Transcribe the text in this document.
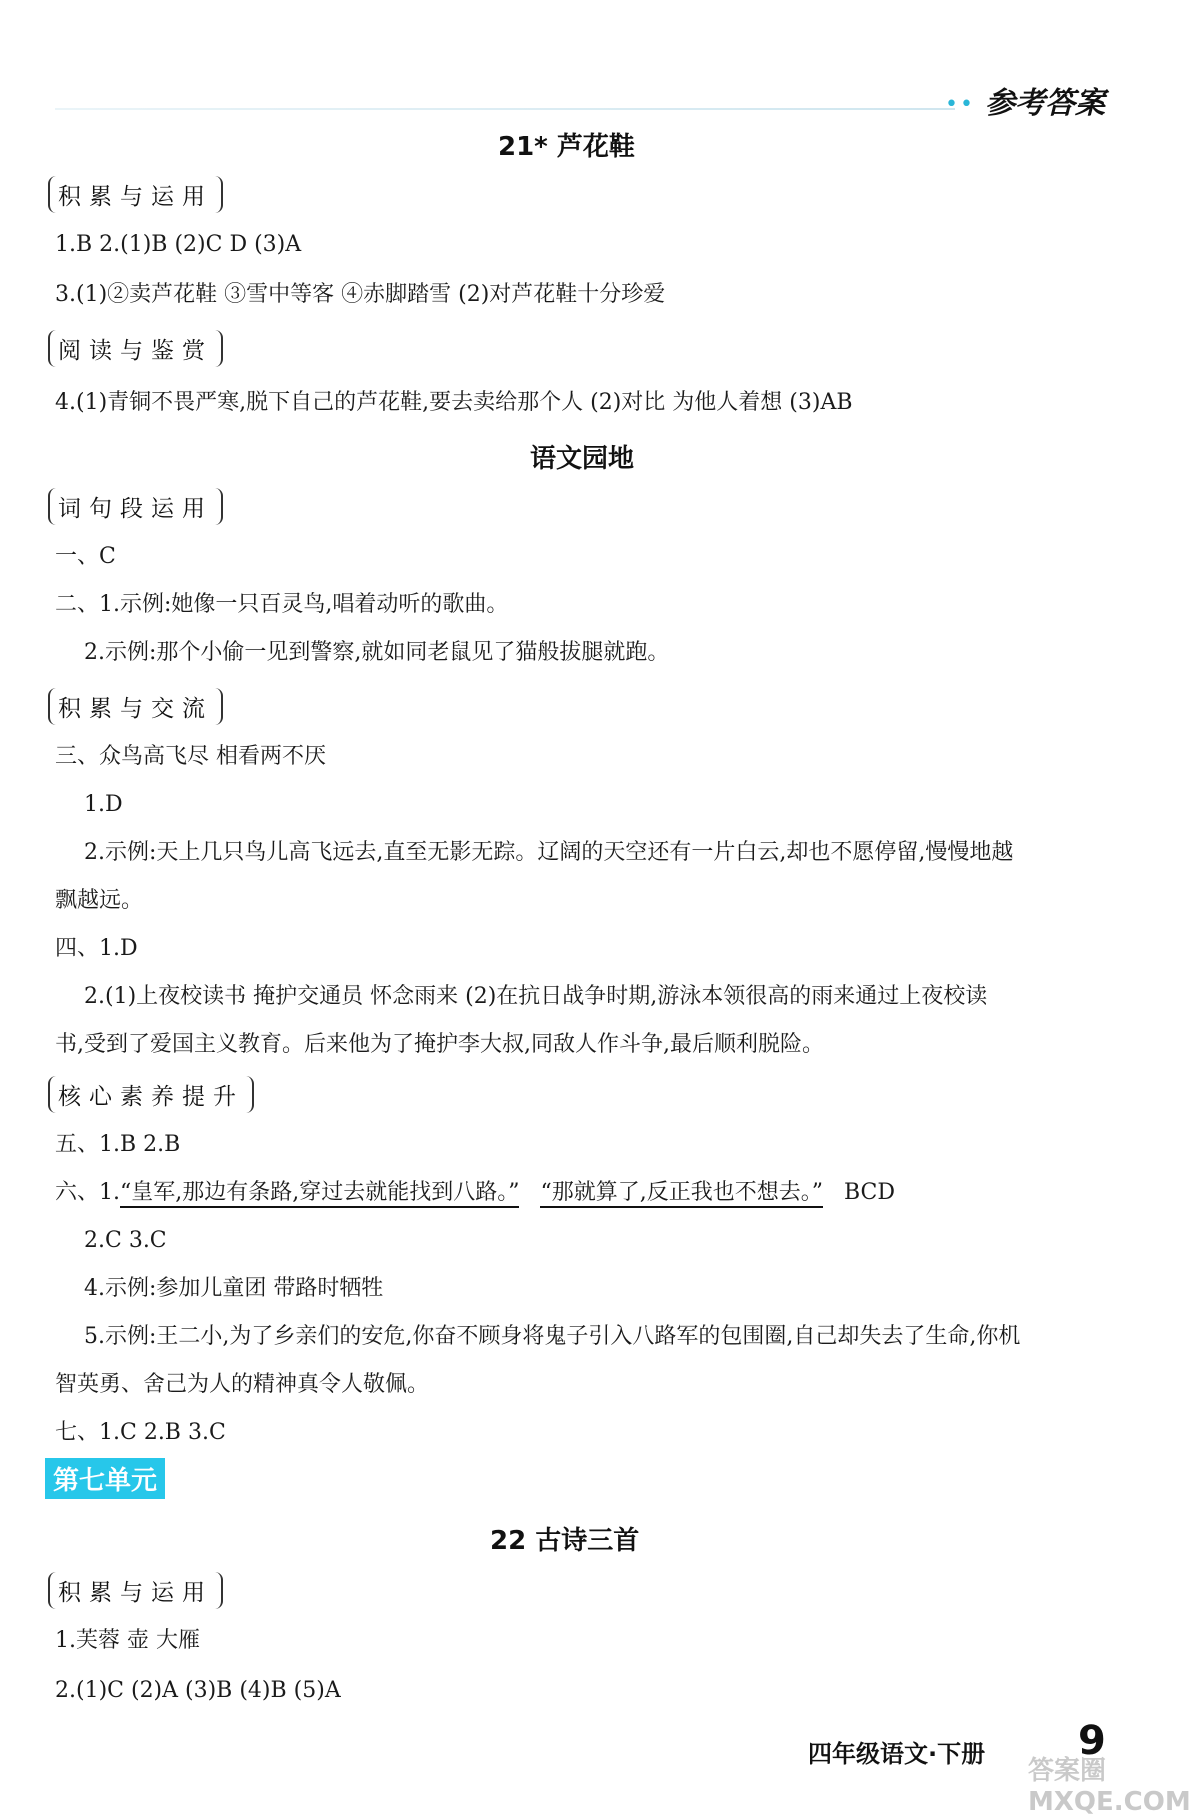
•• 参考答案
21* 芦花鞋
积累与运用
1.B 2.(1)B (2)C D (3)A
3.(1)②卖芦花鞋 ③雪中等客 ④赤脚踏雪 (2)对芦花鞋十分珍爱
阅读与鉴赏
4.(1)青铜不畏严寒,脱下自己的芦花鞋,要去卖给那个人 (2)对比 为他人着想 (3)AB
语文园地
词句段运用
一、C
二、1.示例:她像一只百灵鸟,唱着动听的歌曲。
2.示例:那个小偷一见到警察,就如同老鼠见了猫般拔腿就跑。
积累与交流
三、众鸟高飞尽 相看两不厌
1.D
2.示例:天上几只鸟儿高飞远去,直至无影无踪。辽阔的天空还有一片白云,却也不愿停留,慢慢地越
飘越远。
四、1.D
2.(1)上夜校读书 掩护交通员 怀念雨来 (2)在抗日战争时期,游泳本领很高的雨来通过上夜校读
书,受到了爱国主义教育。后来他为了掩护李大叔,同敌人作斗争,最后顺利脱险。
核心素养提升
五、1.B 2.B
六、1.“皇军,那边有条路,穿过去就能找到八路。” “那就算了,反正我也不想去。” BCD
2.C 3.C
4.示例:参加儿童团 带路时牺牲
5.示例:王二小,为了乡亲们的安危,你奋不顾身将鬼子引入八路军的包围圈,自己却失去了生命,你机
智英勇、舍己为人的精神真令人敬佩。
七、1.C 2.B 3.C
第七单元
22 古诗三首
积累与运用
1.芙蓉 壶 大雁
2.(1)C (2)A (3)B (4)B (5)A
四年级语文·下册 9
答案圈 MXQE.COM
